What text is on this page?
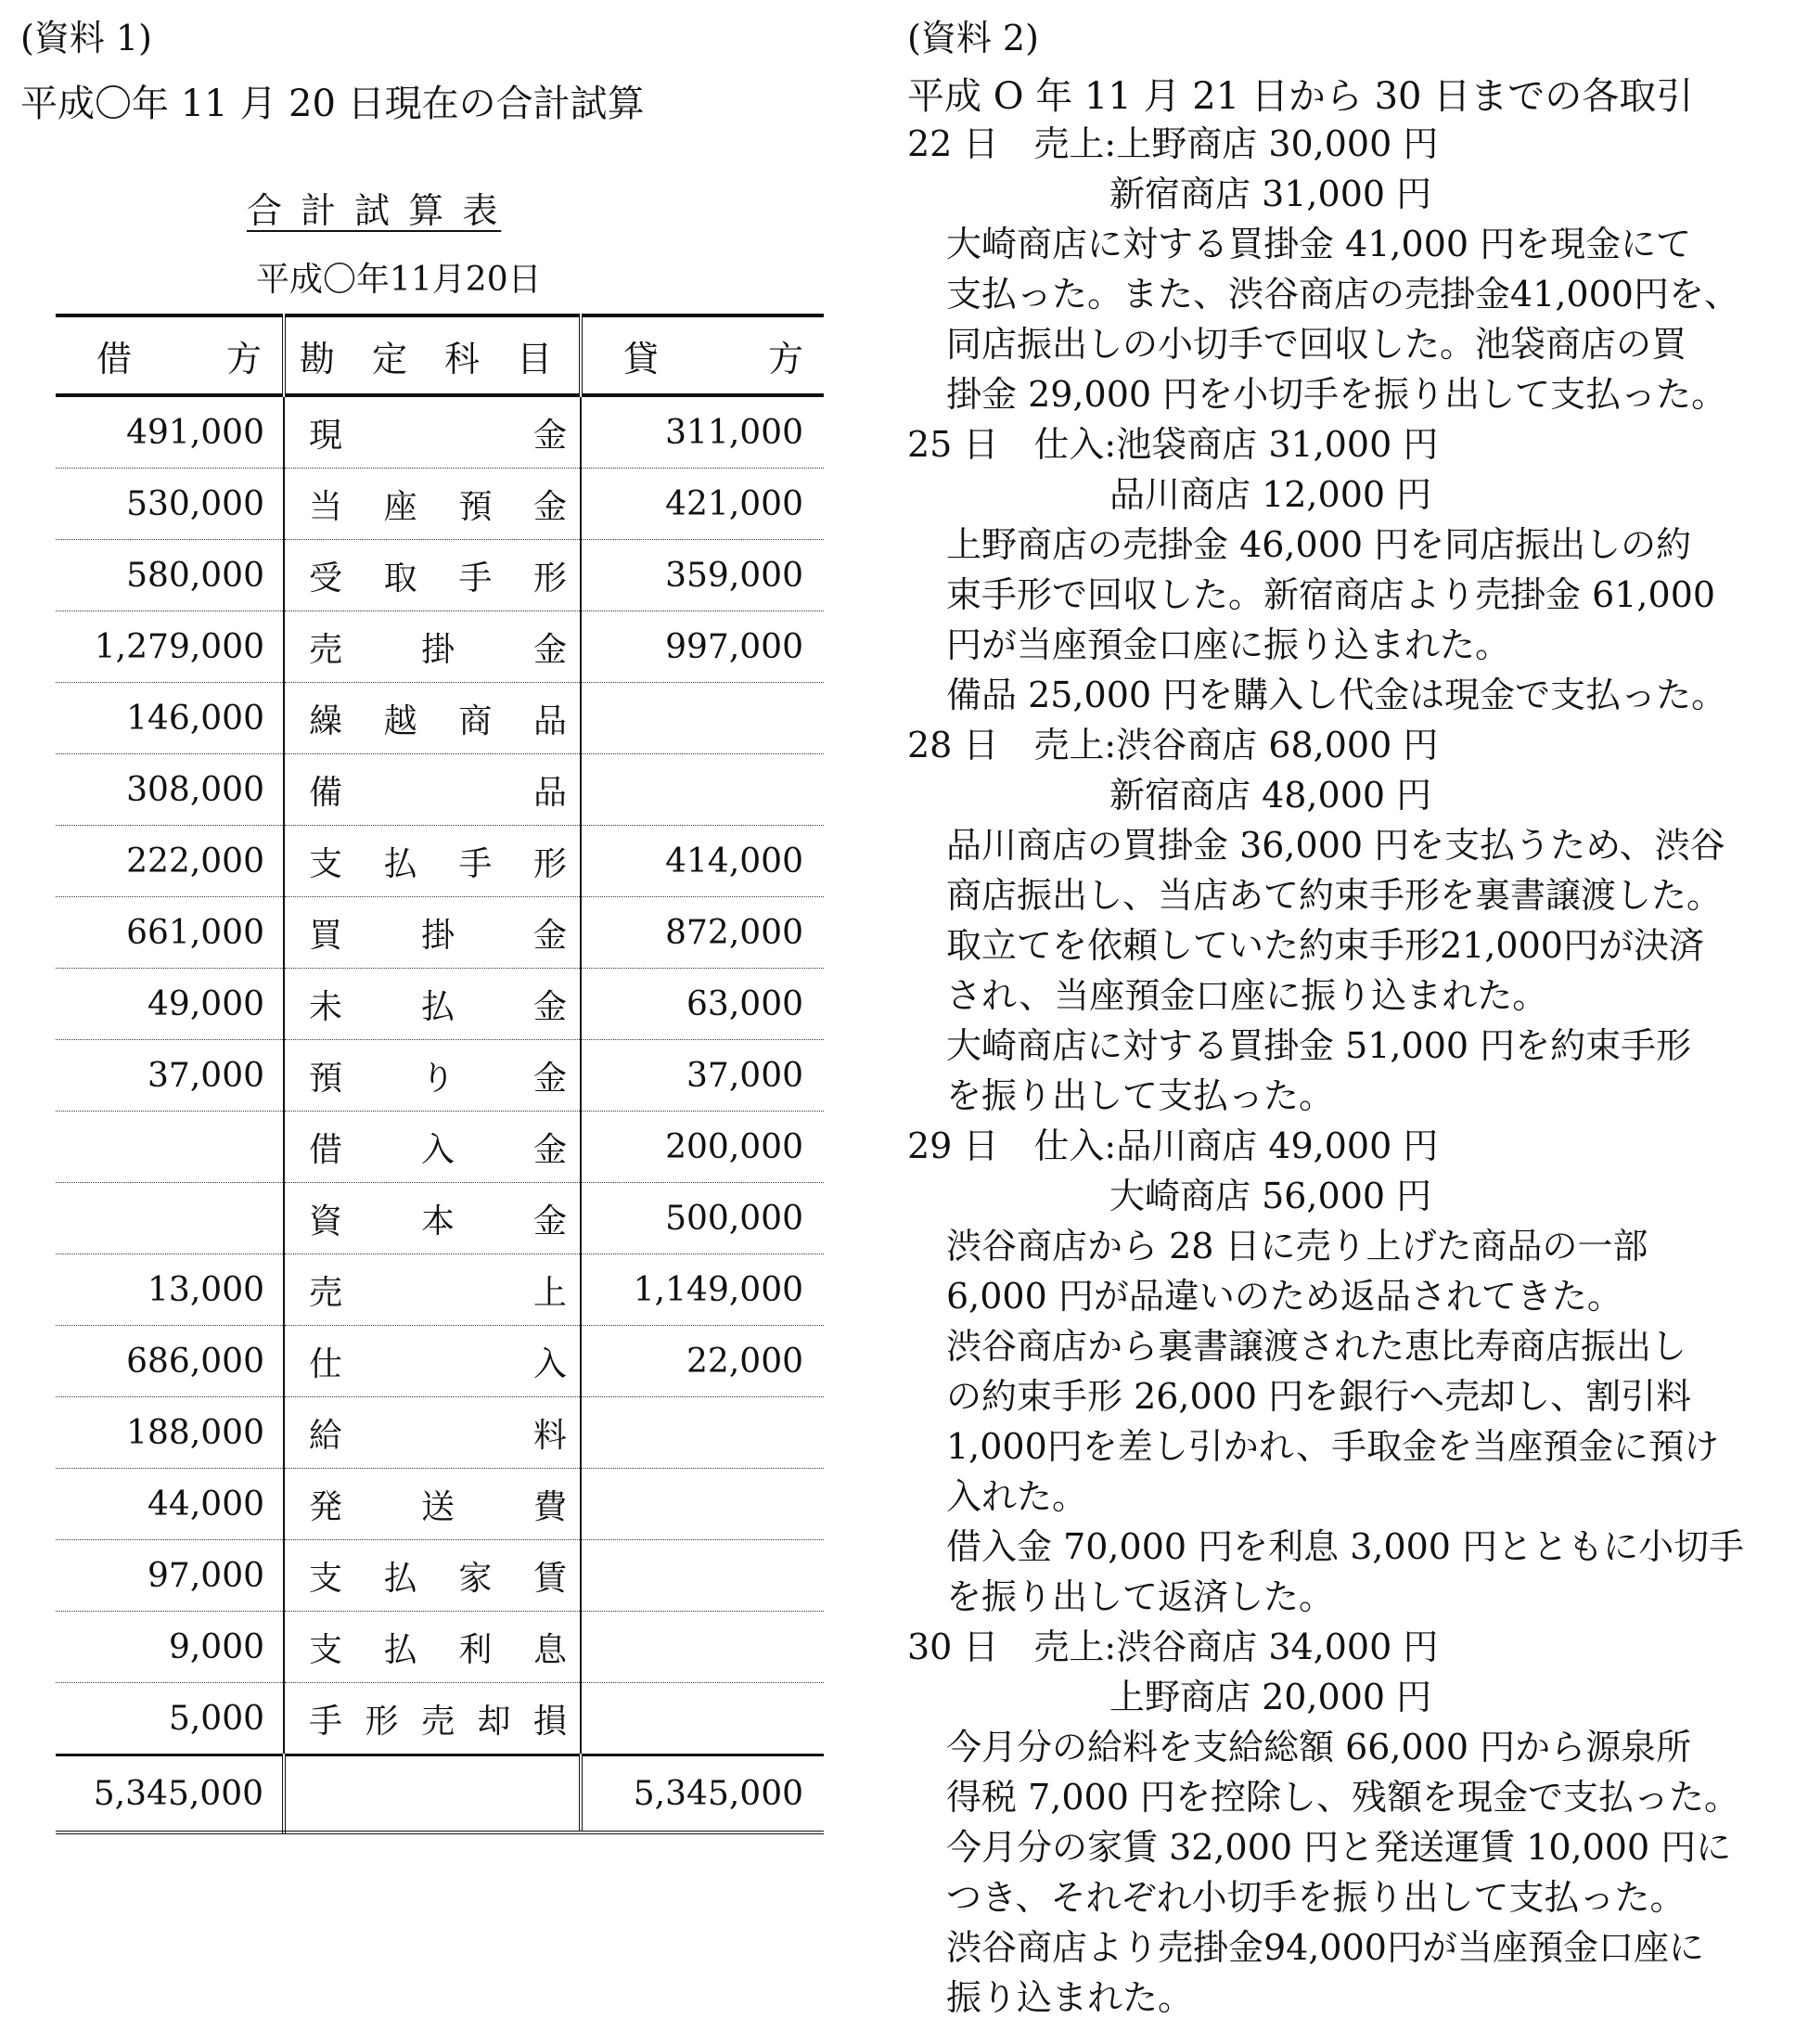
(資料 1)
平成〇年 11 月 20 日現在の合計試算
合 計 試 算 表
平成〇年11月20日
借 方	勘 定 科 目	貸 方

491,000	現 金	311,000
530,000	当 座 預 金	421,000
580,000	受 取 手 形	359,000
1,279,000	売 掛 金	997,000
146,000	繰 越 商 品	

308,000	備 品	

222,000	支 払 手 形	414,000
661,000	買 掛 金	872,000
49,000	未 払 金	63,000
37,000	預 り 金	37,000

	借 入 金	200,000

	資 本 金	500,000
13,000	売 上	1,149,000
686,000	仕 入	22,000
188,000	給 料	

44,000	発 送 費	

97,000	支 払 家 賃	

9,000	支 払 利 息	

5,000	手 形 売 却 損	

5,345,000		5,345,000
(資料 2)
平成 O 年 11 月 21 日から 30 日までの各取引
22 日　売上:上野商店 30,000 円
新宿商店 31,000 円
大崎商店に対する買掛金 41,000 円を現金にて
支払った。また、渋谷商店の売掛金41,000円を、
同店振出しの小切手で回収した。池袋商店の買
掛金 29,000 円を小切手を振り出して支払った。
25 日　仕入:池袋商店 31,000 円
品川商店 12,000 円
上野商店の売掛金 46,000 円を同店振出しの約
束手形で回収した。新宿商店より売掛金 61,000
円が当座預金口座に振り込まれた。
備品 25,000 円を購入し代金は現金で支払った。
28 日　売上:渋谷商店 68,000 円
新宿商店 48,000 円
品川商店の買掛金 36,000 円を支払うため、渋谷
商店振出し、当店あて約束手形を裏書譲渡した。
取立てを依頼していた約束手形21,000円が決済
され、当座預金口座に振り込まれた。
大崎商店に対する買掛金 51,000 円を約束手形
を振り出して支払った。
29 日　仕入:品川商店 49,000 円
大崎商店 56,000 円
渋谷商店から 28 日に売り上げた商品の一部
6,000 円が品違いのため返品されてきた。
渋谷商店から裏書譲渡された恵比寿商店振出し
の約束手形 26,000 円を銀行へ売却し、割引料
1,000円を差し引かれ、手取金を当座預金に預け
入れた。
借入金 70,000 円を利息 3,000 円とともに小切手
を振り出して返済した。
30 日　売上:渋谷商店 34,000 円
上野商店 20,000 円
今月分の給料を支給総額 66,000 円から源泉所
得税 7,000 円を控除し、残額を現金で支払った。
今月分の家賃 32,000 円と発送運賃 10,000 円に
つき、それぞれ小切手を振り出して支払った。
渋谷商店より売掛金94,000円が当座預金口座に
振り込まれた。
